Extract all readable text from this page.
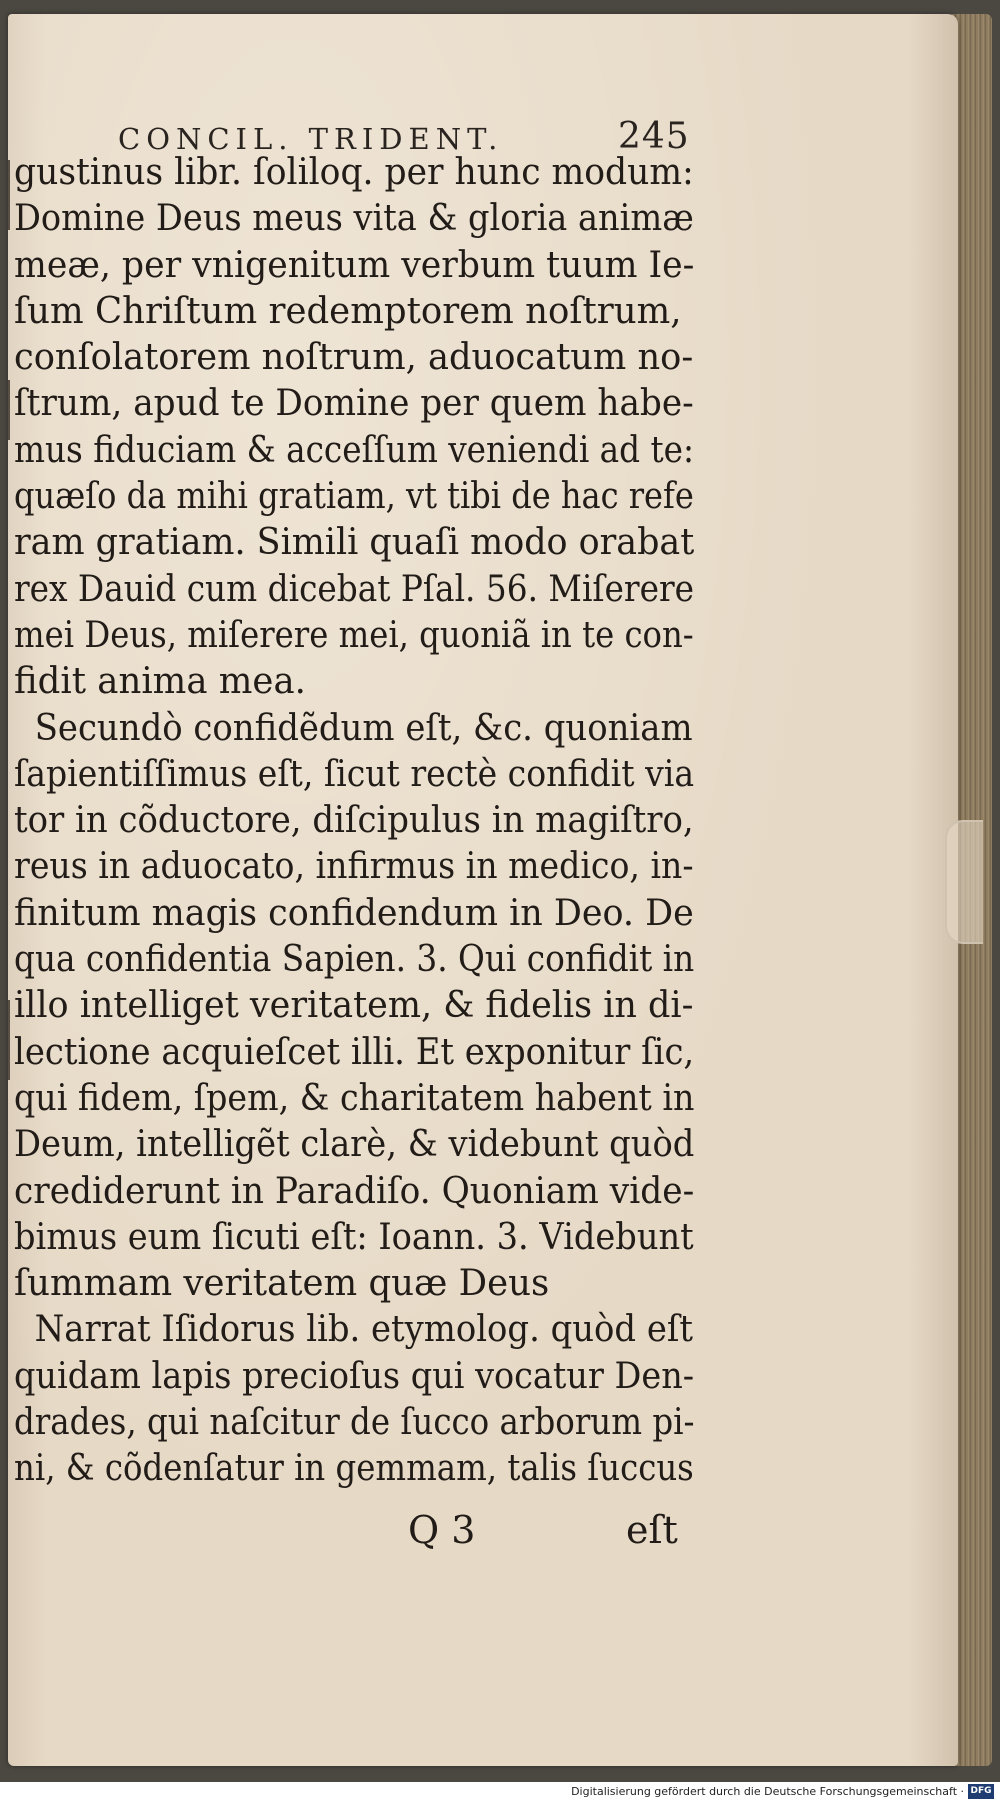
CONCIL. TRIDENT.	245
gustinus libr. ſoliloq. per hunc modum:
Domine Deus meus vita & gloria animæ
meæ, per vnigenitum verbum tuum Ie-
ſum Chriſtum redemptorem noſtrum,
conſolatorem noſtrum, aduocatum no-
ſtrum, apud te Domine per quem habe-
mus fiduciam & acceſſum veniendi ad te:
quæſo da mihi gratiam, vt tibi de hac refe
ram gratiam. Simili quaſi modo orabat
rex Dauid cum dicebat Pſal. 56. Miſerere
mei Deus, miſerere mei, quoniã in te con-
fidit anima mea.
Secundò confidẽdum eſt, &c. quoniam
ſapientiſſimus eſt, ſicut rectè confidit via
tor in cõductore, diſcipulus in magiſtro,
reus in aduocato, infirmus in medico, in-
finitum magis confidendum in Deo. De
qua confidentia Sapien. 3. Qui confidit in
illo intelliget veritatem, & fidelis in di-
lectione acquieſcet illi. Et exponitur ſic,
qui fidem, ſpem, & charitatem habent in
Deum, intelligẽt clarè, & videbunt quòd
crediderunt in Paradiſo. Quoniam vide-
bimus eum ſicuti eſt: Ioann. 3. Videbunt
ſummam veritatem quæ Deus
Narrat Iſidorus lib. etymolog. quòd eſt
quidam lapis precioſus qui vocatur Den-
drades, qui naſcitur de ſucco arborum pi-
ni, & cõdenſatur in gemmam, talis ſuccus
Q 3	eſt
Digitalisierung gefördert durch die Deutsche Forschungsgemeinschaft · DFG
